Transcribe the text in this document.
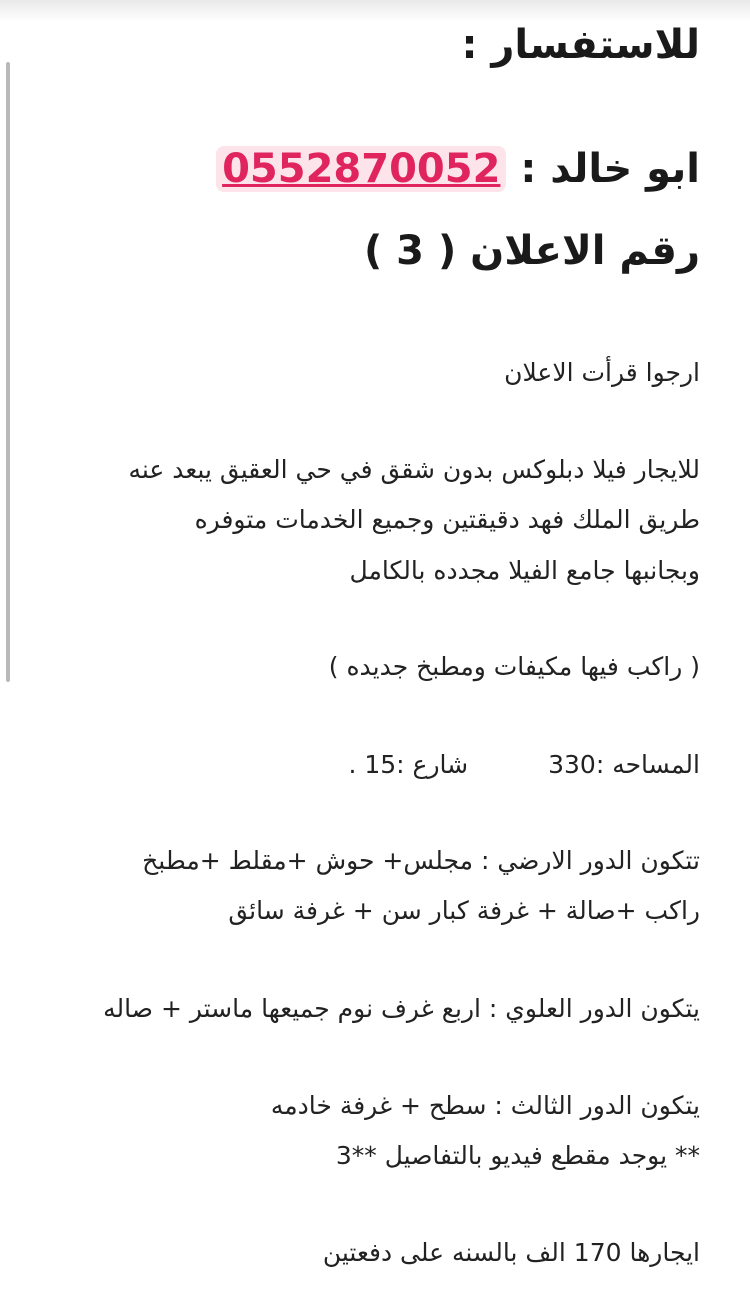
للاستفسار :
ابو خالد : 0552870052
رقم الاعلان ( 3 )
ارجوا قرأت الاعلان
للايجار فيلا دبلوكس بدون شقق في حي العقيق يبعد عنه
طريق الملك فهد دقيقتين وجميع الخدمات متوفره
وبجانبها جامع الفيلا مجدده بالكامل
( راكب فيها مكيفات ومطبخ جديده )
المساحه :330شارع :15 .
تتكون الدور الارضي : مجلس+ حوش +مقلط +مطبخ
راكب +صالة + غرفة كبار سن + غرفة سائق
يتكون الدور العلوي : اربع غرف نوم جميعها ماستر + صاله
يتكون الدور الثالث : سطح + غرفة خادمه
** يوجد مقطع فيديو بالتفاصيل **3
ايجارها 170 الف بالسنه على دفعتين
